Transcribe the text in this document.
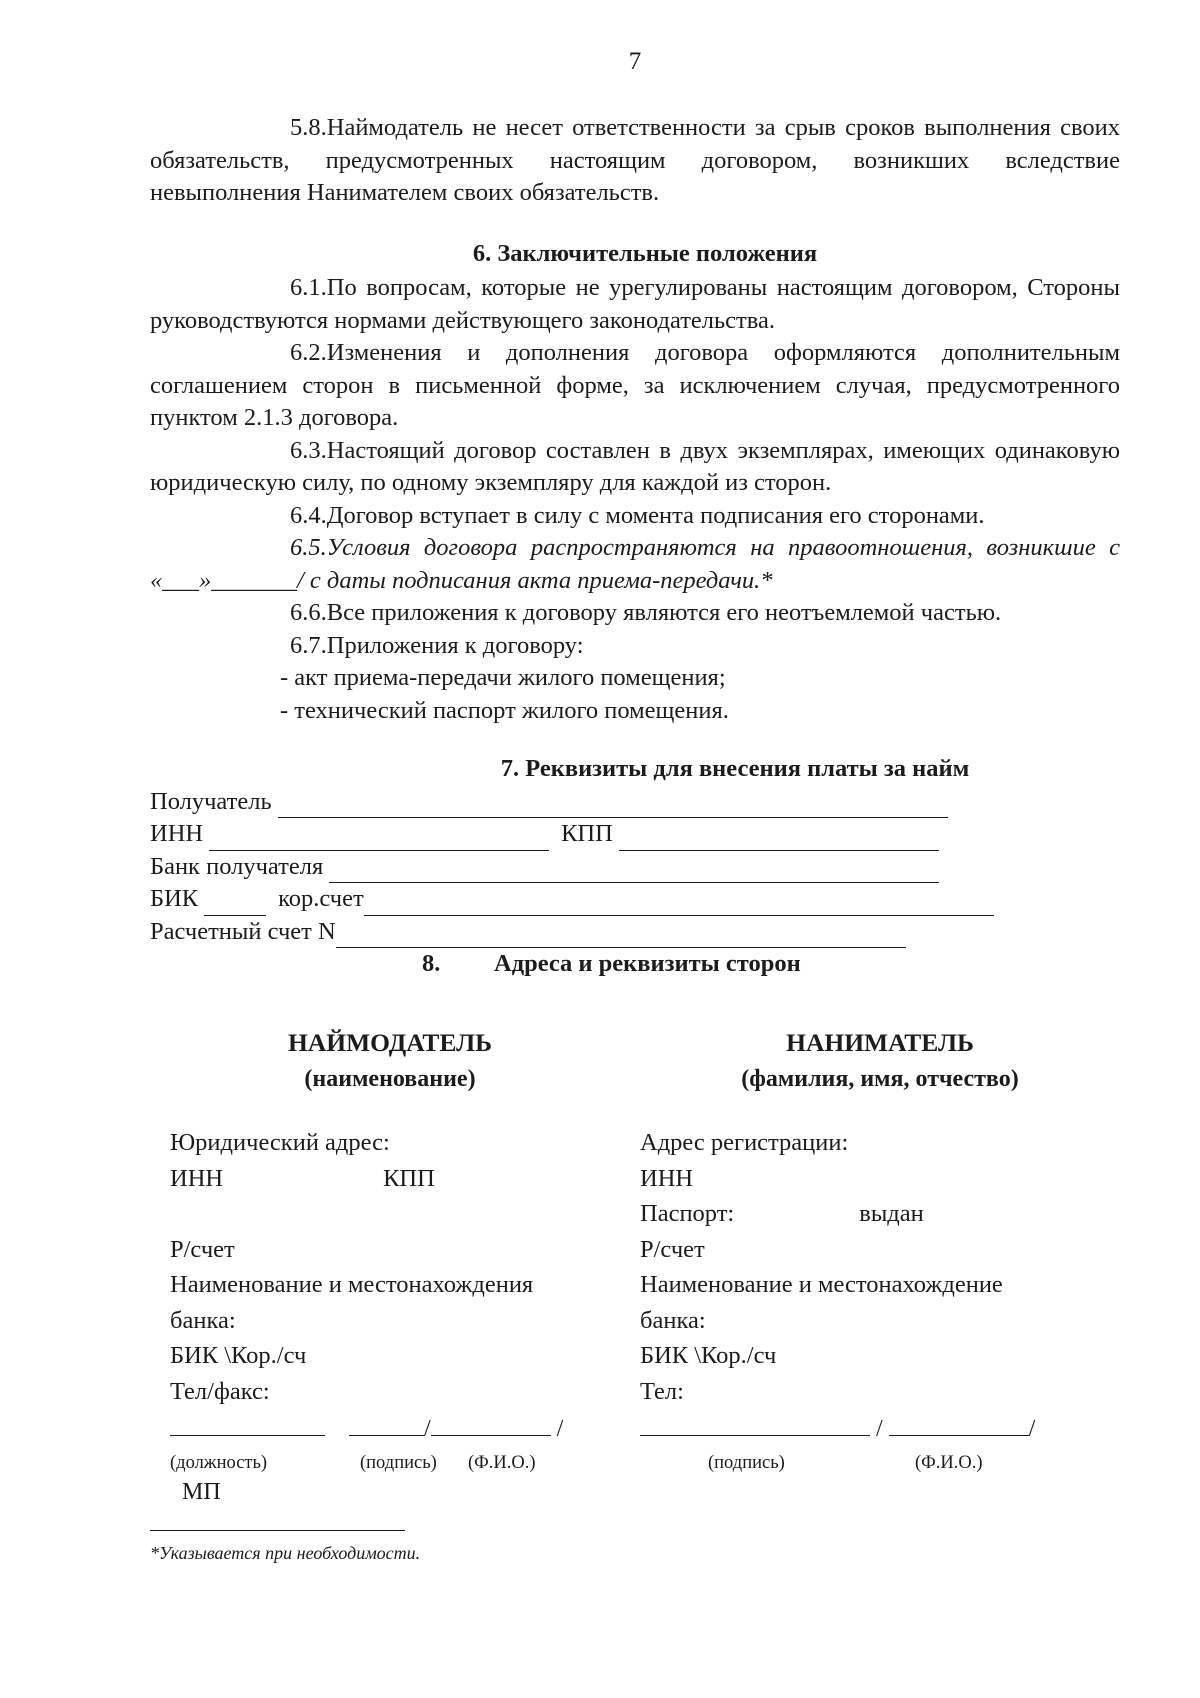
7

5.8.Наймодатель не несет ответственности за срыв сроков выполнения своих обязательств, предусмотренных настоящим договором, возникших вследствие невыполнения Нанимателем своих обязательств.

6. Заключительные положения

6.1.По вопросам, которые не урегулированы настоящим договором, Стороны руководствуются нормами действующего законодательства.

6.2.Изменения и дополнения договора оформляются дополнительным соглашением сторон в письменной форме, за исключением случая, предусмотренного пунктом 2.1.3 договора.

6.3.Настоящий договор составлен в двух экземплярах, имеющих одинаковую юридическую силу, по одному экземпляру для каждой из сторон.

6.4.Договор вступает в силу с момента подписания его сторонами.

6.5.Условия договора распространяются на правоотношения, возникшие с «___»_______/ с даты подписания акта приема-передачи.*

6.6.Все приложения к договору являются его неотъемлемой частью.

6.7.Приложения к договору:

- акт приема-передачи жилого помещения;

- технический паспорт жилого помещения.

7. Реквизиты для внесения платы за найм

Получатель
ИНН	КПП
Банк получателя
БИК	кор.счет
Расчетный счет N

8. Адреса и реквизиты сторон

НАЙМОДАТЕЛЬ
(наименование)
Юридический адрес:
ИНН	КПП

Р/счет
Наименование и местонахождения
банка:
БИК \Кор./сч
Тел/факс:
/	/
(должность)	(подпись) (Ф.И.О.)
МП
НАНИМАТЕЛЬ
(фамилия, имя, отчество)
Адрес регистрации:
ИНН
Паспорт:	выдан
Р/счет
Наименование и местонахождение
банка:
БИК \Кор./сч
Тел:
/	/
(подпись)	(Ф.И.О.)
*Указывается при необходимости.
